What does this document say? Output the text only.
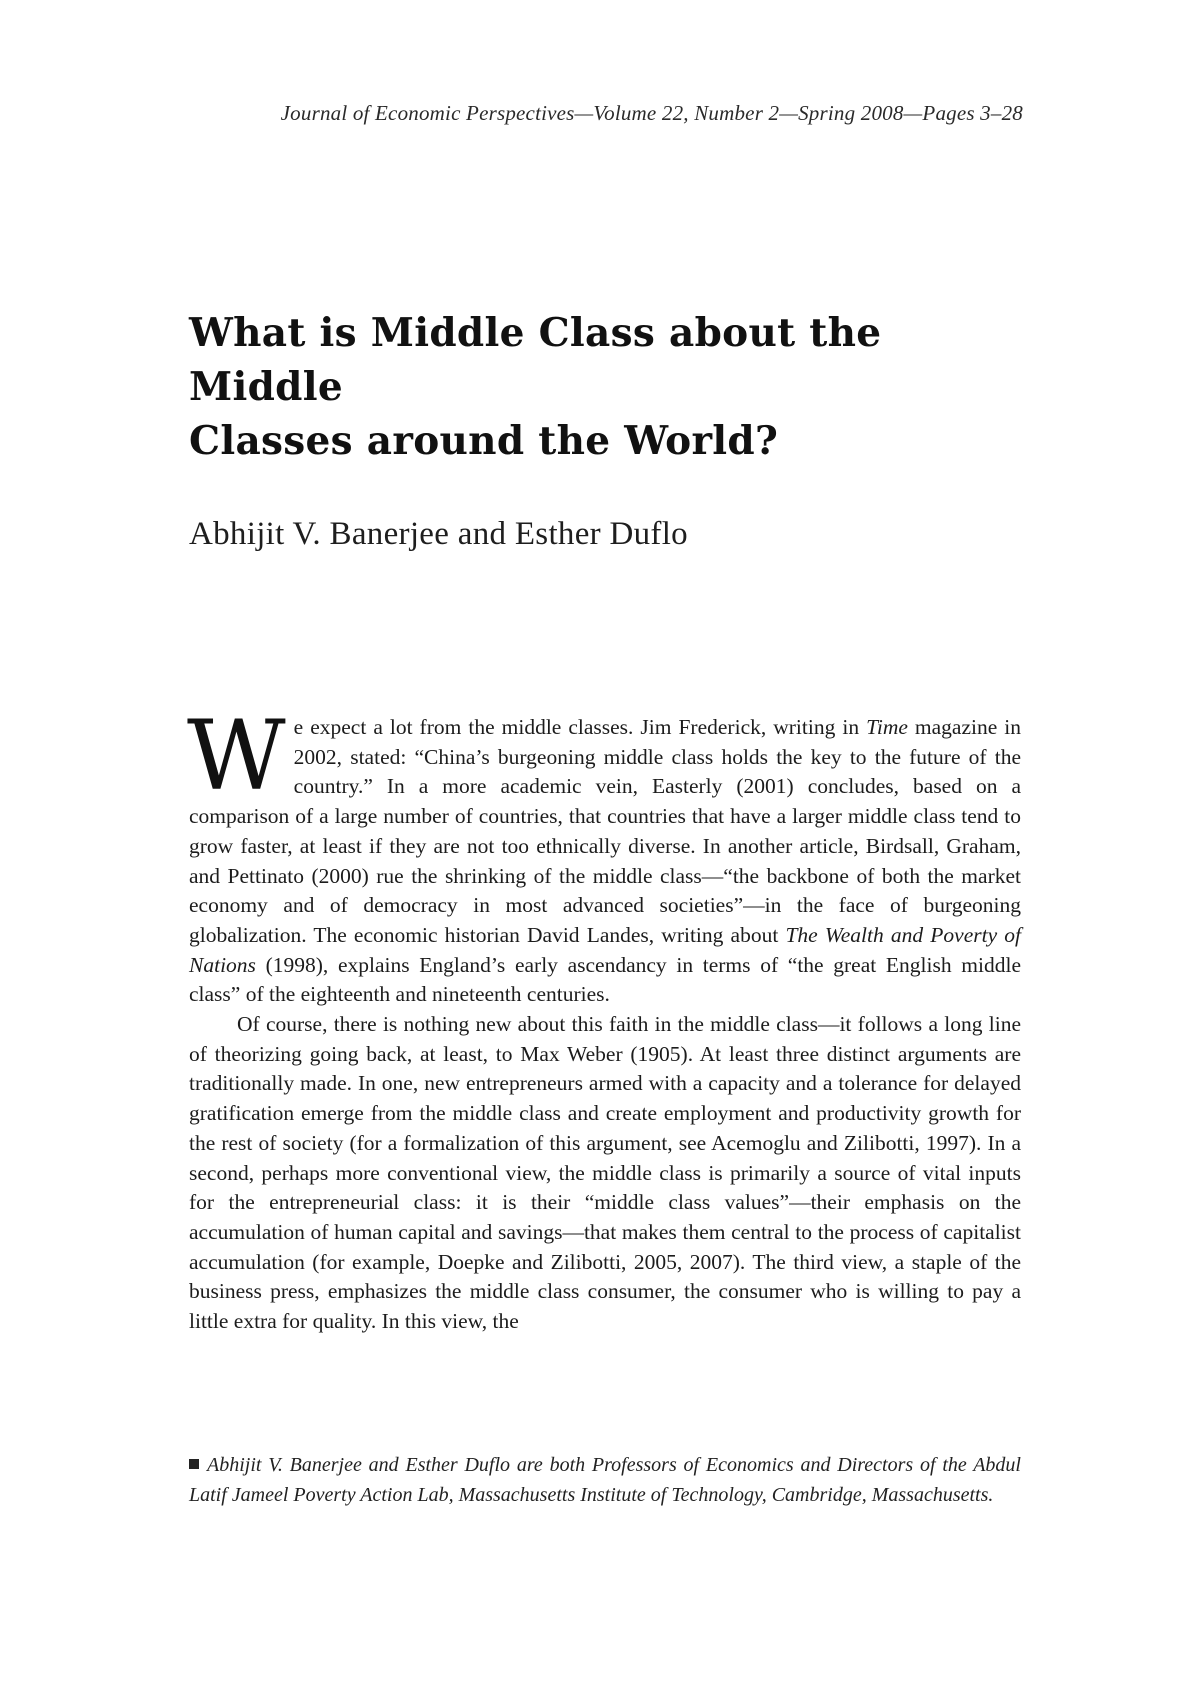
Journal of Economic Perspectives—Volume 22, Number 2—Spring 2008—Pages 3–28
What is Middle Class about the Middle
Classes around the World?
Abhijit V. Banerjee and Esther Duflo

We expect a lot from the middle classes. Jim Frederick, writing in Time magazine in 2002, stated: “China’s burgeoning middle class holds the key to the future of the country.” In a more academic vein, Easterly (2001) concludes, based on a comparison of a large number of countries, that countries that have a larger middle class tend to grow faster, at least if they are not too ethnically diverse. In another article, Birdsall, Graham, and Pettinato (2000) rue the shrinking of the middle class—“the backbone of both the market economy and of democracy in most advanced societies”—in the face of burgeoning globalization. The economic historian David Landes, writing about The Wealth and Poverty of Nations (1998), explains England’s early ascendancy in terms of “the great English middle class” of the eighteenth and nineteenth centuries.

Of course, there is nothing new about this faith in the middle class—it follows a long line of theorizing going back, at least, to Max Weber (1905). At least three distinct arguments are traditionally made. In one, new entrepreneurs armed with a capacity and a tolerance for delayed gratification emerge from the middle class and create employment and productivity growth for the rest of society (for a formalization of this argument, see Acemoglu and Zilibotti, 1997). In a second, perhaps more conventional view, the middle class is primarily a source of vital inputs for the entrepreneurial class: it is their “middle class values”—their emphasis on the accumulation of human capital and savings—that makes them central to the process of capitalist accumulation (for example, Doepke and Zilibotti, 2005, 2007). The third view, a staple of the business press, emphasizes the middle class consumer, the consumer who is willing to pay a little extra for quality. In this view, the

Abhijit V. Banerjee and Esther Duflo are both Professors of Economics and Directors of the Abdul Latif Jameel Poverty Action Lab, Massachusetts Institute of Technology, Cambridge, Massachusetts.
